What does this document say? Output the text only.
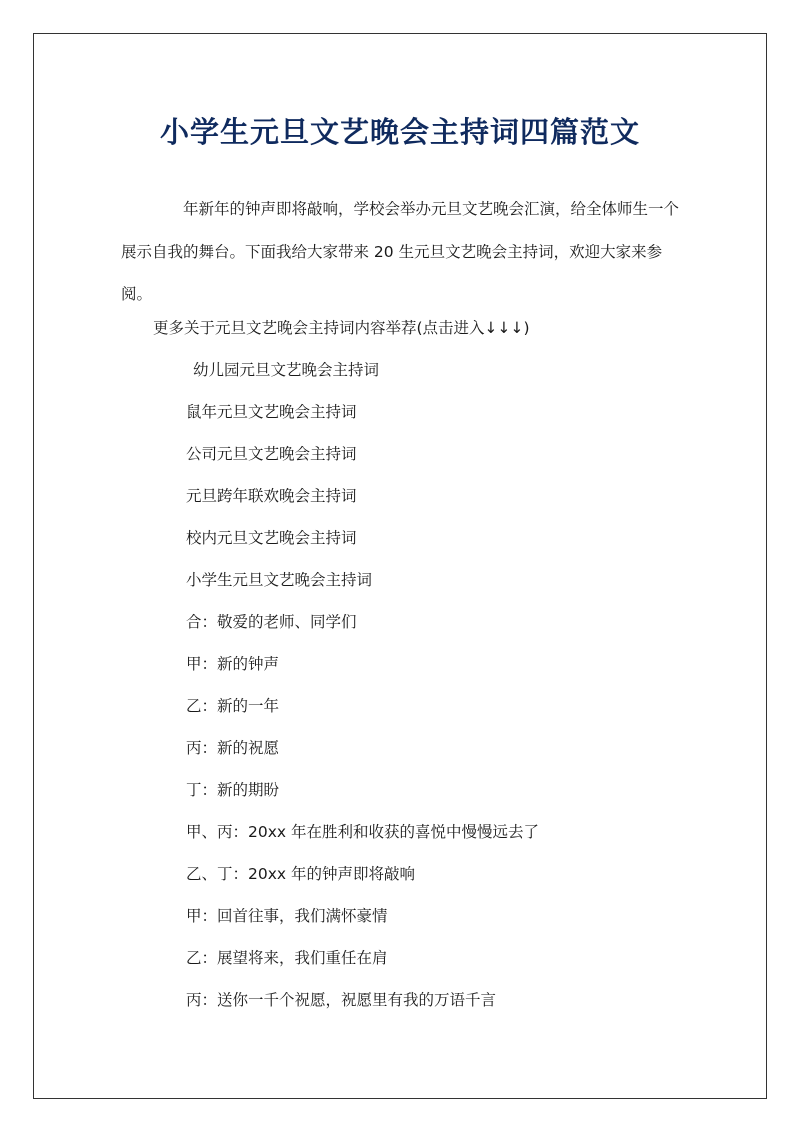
小学生元旦文艺晚会主持词四篇范文

年新年的钟声即将敲响，学校会举办元旦文艺晚会汇演，给全体师生一个展示自我的舞台。下面我给大家带来 20 生元旦文艺晚会主持词，欢迎大家来参阅。

更多关于元旦文艺晚会主持词内容举荐(点击进入↓↓↓)
幼儿园元旦文艺晚会主持词
鼠年元旦文艺晚会主持词
公司元旦文艺晚会主持词
元旦跨年联欢晚会主持词
校内元旦文艺晚会主持词
小学生元旦文艺晚会主持词
合：敬爱的老师、同学们
甲：新的钟声
乙：新的一年
丙：新的祝愿
丁：新的期盼
甲、丙：20xx 年在胜利和收获的喜悦中慢慢远去了
乙、丁：20xx 年的钟声即将敲响
甲：回首往事，我们满怀豪情
乙：展望将来，我们重任在肩
丙：送你一千个祝愿，祝愿里有我的万语千言
